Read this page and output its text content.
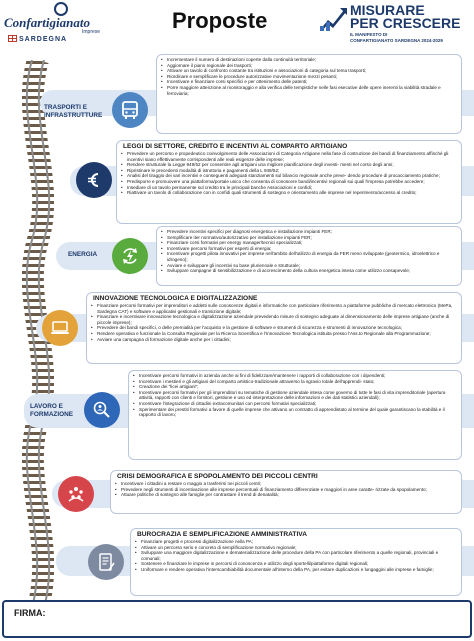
Confartigianato
Imprese
SARDEGNA
Proposte	MISURARE
PER CRESCERE
IL MANIFESTO DI
CONFARTIGIANATO SARDEGNA 2024-2029
TRASPORTI E
INFRASTRUTTURE
• Incrementare il numero di destinazioni coperte dalla continuità territoriale;
• Aggiornare il piano regionale dei trasporti;
• Attivare un tavolo di confronto costante tra istituzioni e associazioni di categoria sul tema trasporti;
• Riordinare e semplificare le procedure autorizzative movimentazione mezzi pesanti;
• Incentivare e finanziare corsi specifici e per ottenimento delle patenti;
• Porre maggiore attenzione al monitoraggio e alla verifica delle tempistiche nelle fasi esecutive delle opere inerenti la viabilità stradale e ferroviaria;
LEGGI DI SETTORE, CREDITO E INCENTIVI AL COMPARTO ARTIGIANO
• Prevedere un percorso e propedeutico coinvolgimento delle Associazioni di Categoria Artigiane nella fase di costruzione dei bandi di finanziamento affinché gli incentivi siano effettivamente corrispondenti alle reali esigenze delle imprese;
• Rendere strutturale la Legge 949/52 per consentire agli artigiani una migliore pianificazione degli investi- menti nel corso degli anni;
• Ripristinare le precedenti modalità di istruttoria e pagamenti della L 949/52;
• Analisi del tiraggio dei vari incentivi e conseguenti adeguati stanziamenti sul bilancio regionale anche preve- dendo procedure di procacciamento pratiche;
• Predisporre e promuovere una piattaforma/portale unico che consenta di conoscere bandi/incentivi regionali sui quali l'impresa potrebbe accedere;
• Insediare di un tavolo permanente sul credito tra le principali banche Associazioni e confidi;
• Riattivare un tavolo di collaborazione con in confidi quali strumenti di sostegno e orientamento alle imprese nel reperimento/accesso al credito;
ENERGIA
• Prevedere incentivi specifici per diagnosi energetica e installazione impianti FER;
• Semplificare iter normativo/autorizzativo per installazione impianti FER;
• Finanziare corsi formativi per energy manager/tecnici specializzati;
• Incentivare percorsi formativi per esperti di energia;
• Incentivare progetti pilota innovativi per imprese nell'ambito dell'utilizzo di energia da FER meno sviluppate (geotermico, idroelettrico e idrogeno);
• Avviare e sviluppare gli incentivi su base pluriennale e strutturale;
• Sviluppare campagne di sensibilizzazione e di accrescimento della cultura energetica intesa come utilizzo consapevole;
INNOVAZIONE TECNOLOGICA E DIGITALIZZAZIONE
• Finanziare percorsi formativi per imprenditori e addetti sulle conoscenze digitali e informatiche con particolare riferimento a piattaforme pubbliche di mercato elettronico (MePa, Sardegna CAT) e software e applicativi gestionali e transizione digitale;
• Finanziare e incentivare innovazione tecnologica e digitalizzazione aziendale prevedendo misure di sostegno adeguate al dimensionamento delle imprese artigiane (anche di piccole imprese);
• Prevedere dei bandi specifici, o delle premialità per l'acquisto e la gestione di software e strumenti di sicurezza e strumenti di innovazione tecnologica;
• Rendere operativa e funzionale la Consulta Regionale per la Ricerca Scientifica e l'Innovazione Tecnologica istituita presso l'Ass.to Regionale alla Programmazione;
• Avviare una campagna di formazione digitale anche per i cittadini;
LAVORO E
FORMAZIONE
• Incentivare percorsi formativi in azienda anche ai fini di fidelizzare/mantenere i rapporti di collaborazione con i dipendenti;
• Incentivare i mestieri e gli artigiani del comparto artistico-tradizionale attraverso la sgravio totale dell'apprendi- stato;
• Creazione dei "licei artigiani";
• Incentivare percorsi formativi per gli imprenditori su tematiche di gestione aziendale intesa come governo di tutte le fasi di vita imprenditoriale (apertura attività, rapporti con clienti e fornitori, gestione e uso ed interpretazione delle informazioni e dei dati statistici aziendali);
• Incentivare l'integrazione di cittadini extracomunitari con percorsi formativi specializzati;
• Sperimentare dei prestiti formativi a favore di quelle imprese che attivano un contratto di apprendistato al termine del quale garantiscano la stabilità e il rapporto di lavoro;
CRISI DEMOGRAFICA E SPOPOLAMENTO DEI PICCOLI CENTRI
• Incentivare i cittadini a restare o maggio a trasferirsi nei piccoli centri;
• Prevedere negli strumenti di incentivazione alle imprese percentuali di finanziamento differenziate e maggiori in aree caratte- rizzate da spopolamento;
• Attuare politiche di sostegno alle famiglie per contrastare il trend di denatalità;
BUROCRAZIA E SEMPLIFICAZIONE AMMINISTRATIVA
• Finanziare progetti e processi digitalizzazione nella PA;
• Attivare un percorso serio e concreto di semplificazione normativo regionale;
• Sviluppare una maggiore digitalizzazione e dematerializzazione delle procedure della PA con particolare riferimento a quelle regionali, provinciali e comunali;
• Sostenere e finanziare le imprese in percorsi di conoscenza e utilizzo degli sportelli/piattaforme digitali regionali;
• Uniformare e rendere operativa l'interscambiabilità documentale all'interno della PA, per evitare duplicazioni e lungaggini alle imprese e famiglie;
FIRMA:
